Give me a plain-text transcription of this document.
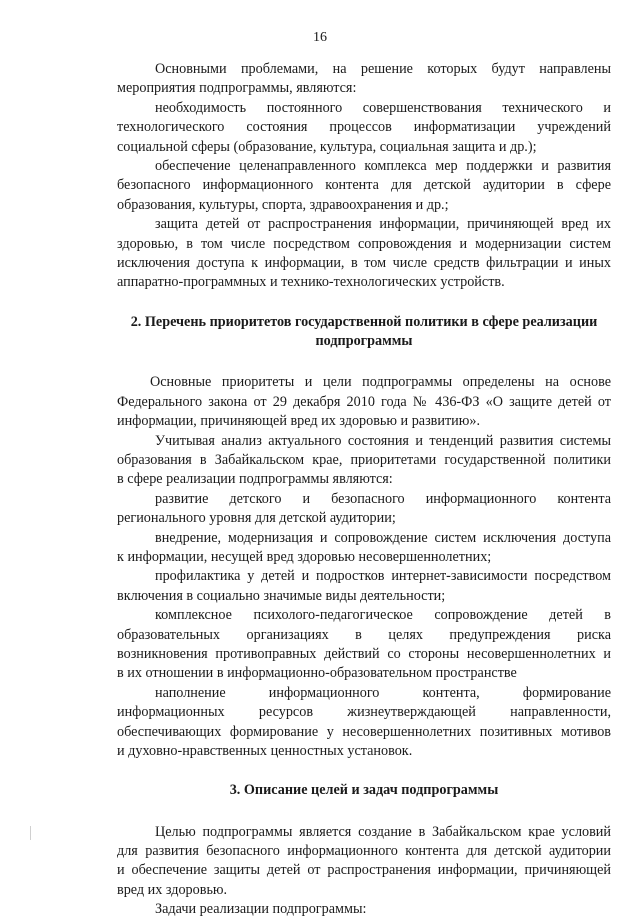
16
Основными проблемами, на решение которых будут направлены
мероприятия подпрограммы, являются:
необходимость постоянного совершенствования технического и
технологического состояния процессов информатизации учреждений
социальной сферы (образование, культура, социальная защита и др.);
обеспечение целенаправленного комплекса мер поддержки и развития
безопасного информационного контента для детской аудитории в сфере
образования, культуры, спорта, здравоохранения и др.;
защита детей от распространения информации, причиняющей вред их
здоровью, в том числе посредством сопровождения и модернизации систем
исключения доступа к информации, в том числе средств фильтрации и иных
аппаратно-программных и технико-технологических устройств.
2. Перечень приоритетов государственной политики в сфере реализации
подпрограммы
Основные приоритеты и цели подпрограммы определены на основе
Федерального закона от 29 декабря 2010 года № 436-ФЗ «О защите детей от
информации, причиняющей вред их здоровью и развитию».
Учитывая анализ актуального состояния и тенденций развития системы
образования в Забайкальском крае, приоритетами государственной политики
в сфере реализации подпрограммы являются:
развитие детского и безопасного информационного контента
регионального уровня для детской аудитории;
внедрение, модернизация и сопровождение систем исключения доступа
к информации, несущей вред здоровью несовершеннолетних;
профилактика у детей и подростков интернет-зависимости посредством
включения в социально значимые виды деятельности;
комплексное психолого-педагогическое сопровождение детей в
образовательных организациях в целях предупреждения риска
возникновения противоправных действий со стороны несовершеннолетних и
в их отношении в информационно-образовательном пространстве
наполнение информационного контента, формирование
информационных ресурсов жизнеутверждающей направленности,
обеспечивающих формирование у несовершеннолетних позитивных мотивов
и духовно-нравственных ценностных установок.
3. Описание целей и задач подпрограммы
Целью подпрограммы является создание в Забайкальском крае условий
для развития безопасного информационного контента для детской аудитории
и обеспечение защиты детей от распространения информации, причиняющей
вред их здоровью.
Задачи реализации подпрограммы:
